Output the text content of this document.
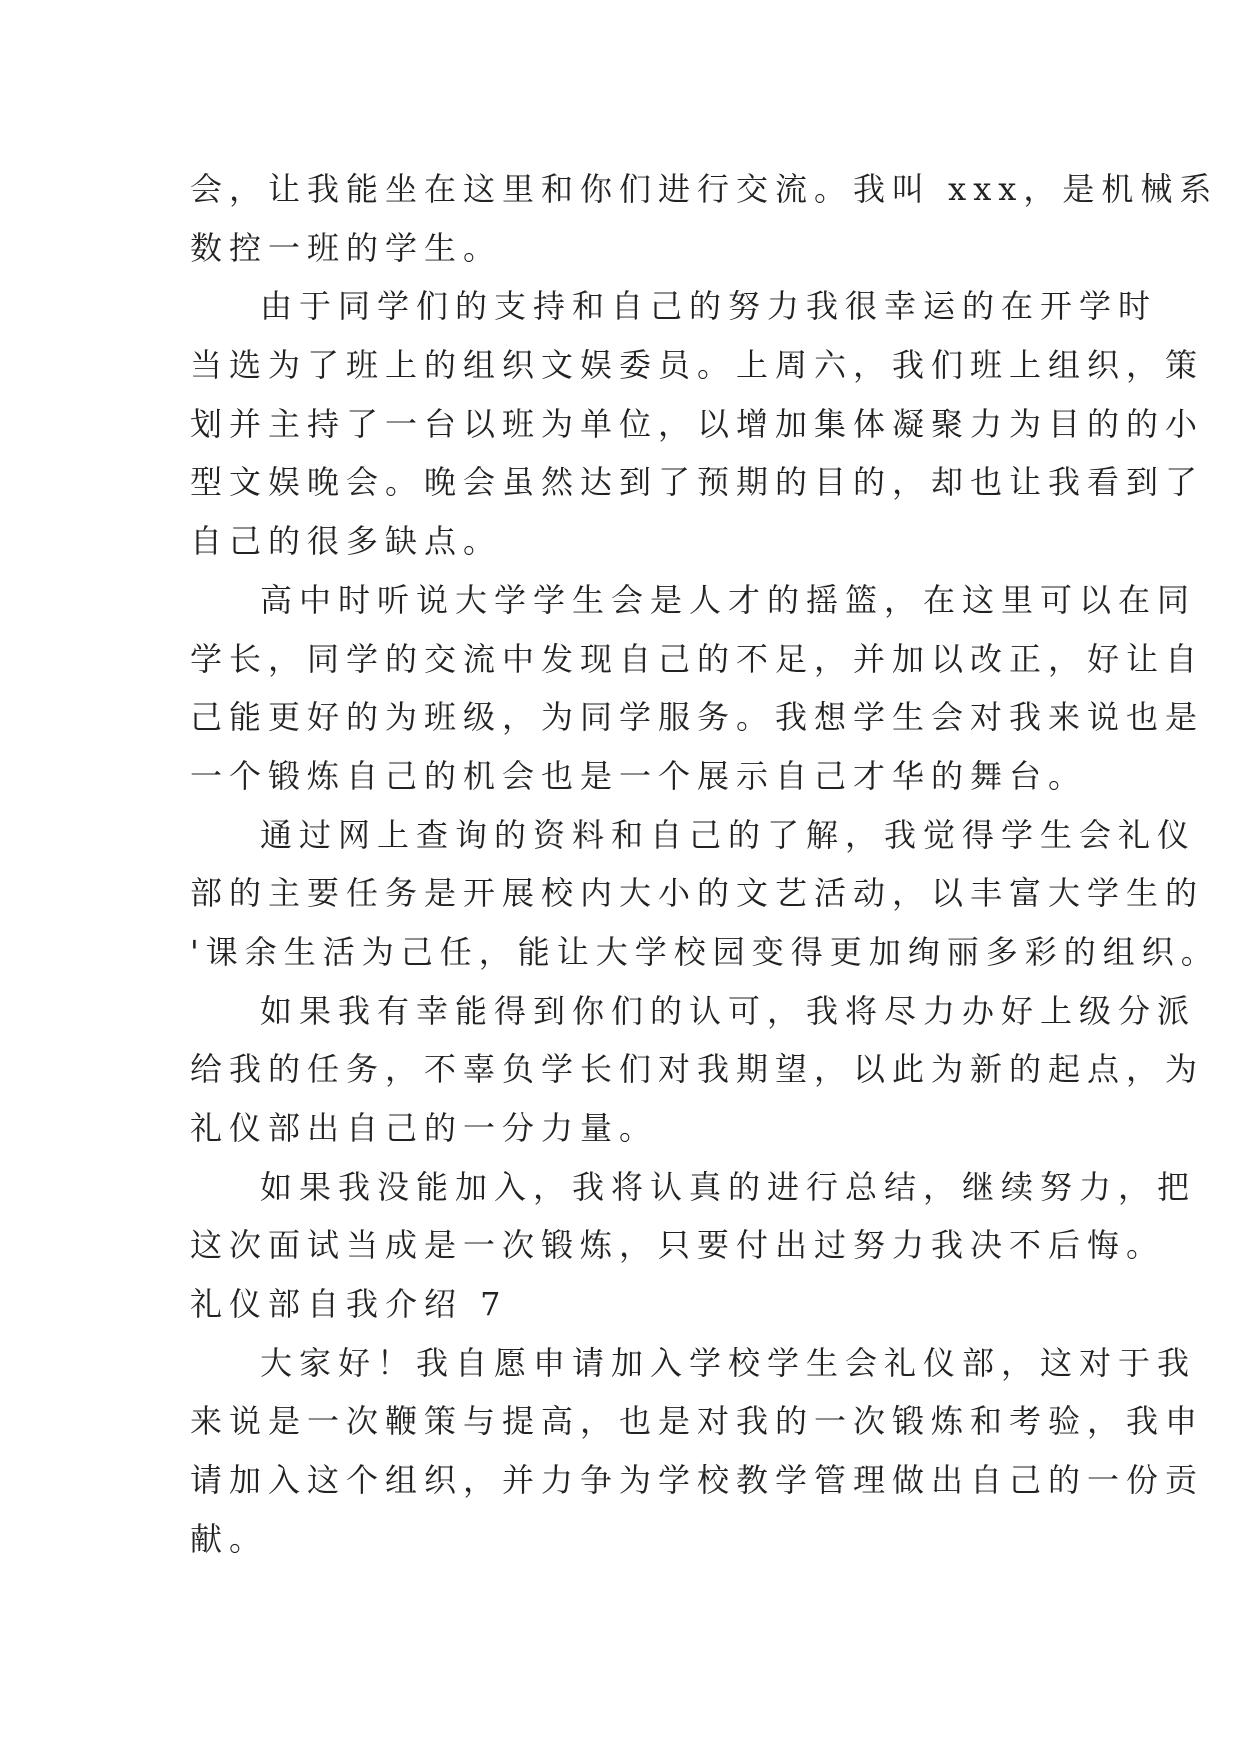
会，让我能坐在这里和你们进行交流。我叫 xxx，是机械系
数控一班的学生。
由于同学们的支持和自己的努力我很幸运的在开学时
当选为了班上的组织文娱委员。上周六，我们班上组织，策
划并主持了一台以班为单位，以增加集体凝聚力为目的的小
型文娱晚会。晚会虽然达到了预期的目的，却也让我看到了
自己的很多缺点。
高中时听说大学学生会是人才的摇篮，在这里可以在同
学长，同学的交流中发现自己的不足，并加以改正，好让自
己能更好的为班级，为同学服务。我想学生会对我来说也是
一个锻炼自己的机会也是一个展示自己才华的舞台。
通过网上查询的资料和自己的了解，我觉得学生会礼仪
部的主要任务是开展校内大小的文艺活动，以丰富大学生的
'课余生活为己任，能让大学校园变得更加绚丽多彩的组织。
如果我有幸能得到你们的认可，我将尽力办好上级分派
给我的任务，不辜负学长们对我期望，以此为新的起点，为
礼仪部出自己的一分力量。
如果我没能加入，我将认真的进行总结，继续努力，把
这次面试当成是一次锻炼，只要付出过努力我决不后悔。
礼仪部自我介绍 7
大家好！我自愿申请加入学校学生会礼仪部，这对于我
来说是一次鞭策与提高，也是对我的一次锻炼和考验，我申
请加入这个组织，并力争为学校教学管理做出自己的一份贡
献。
